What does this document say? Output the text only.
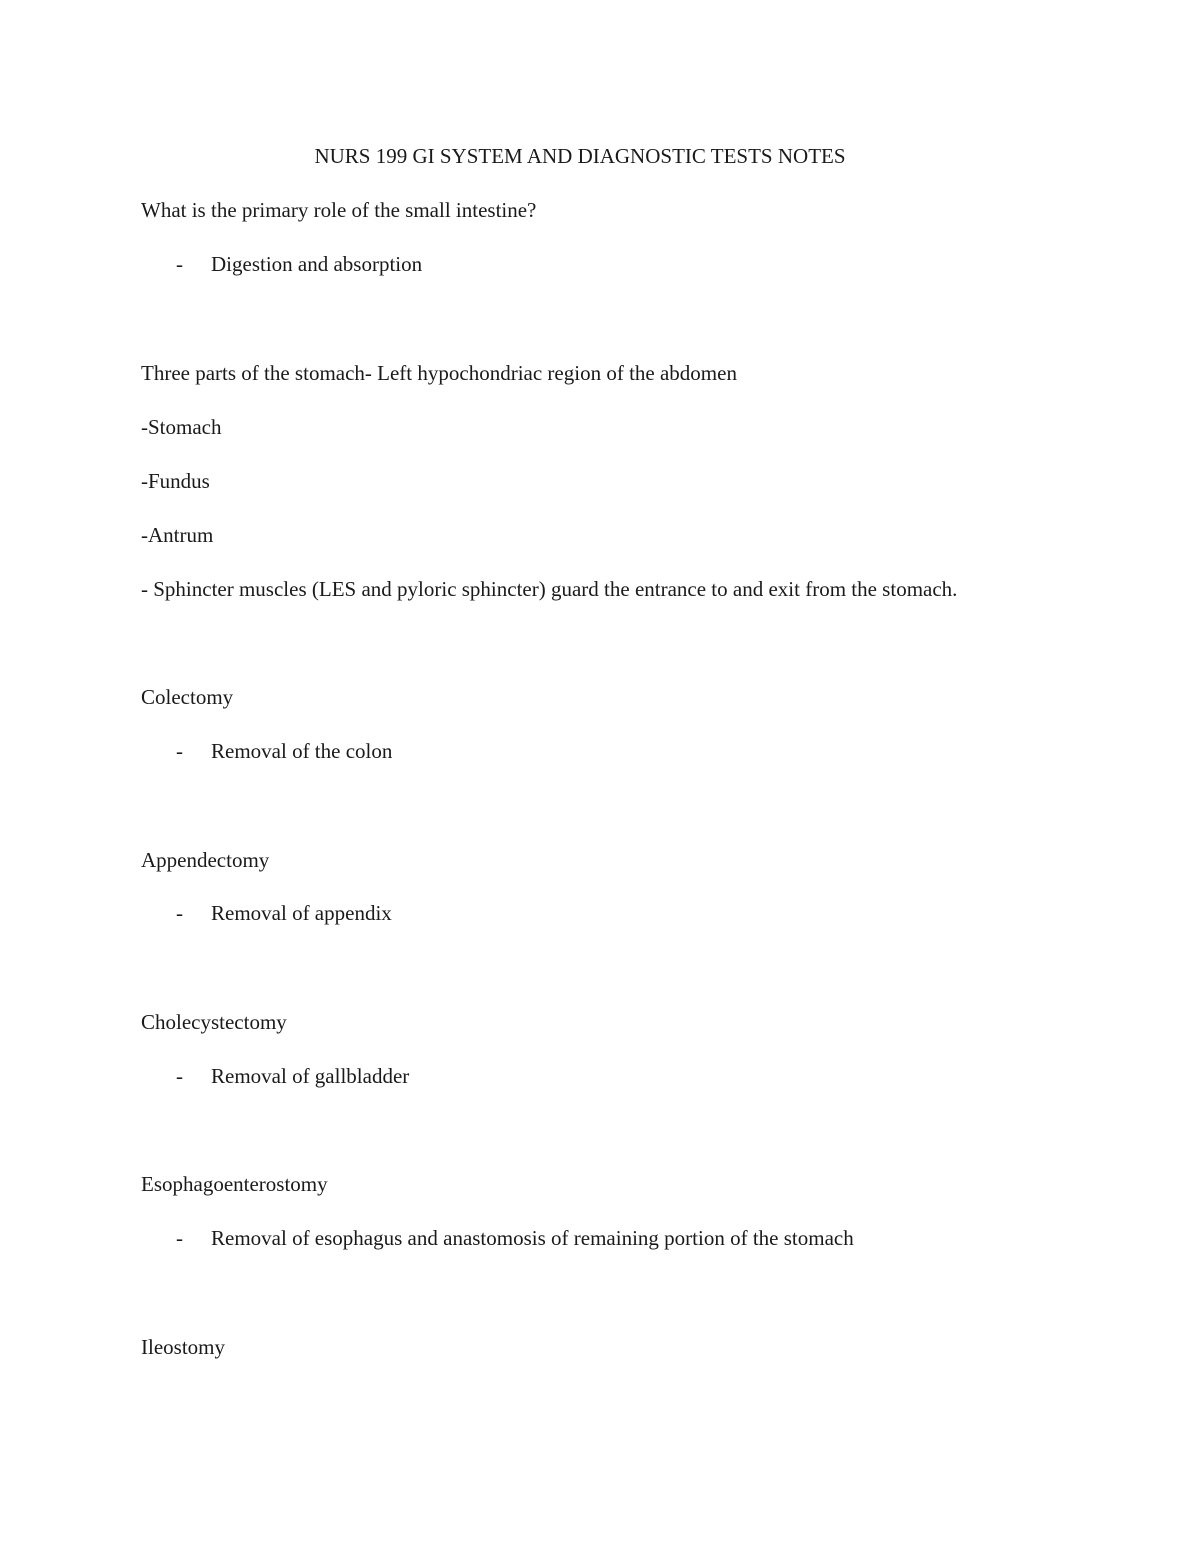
NURS 199 GI SYSTEM AND DIAGNOSTIC TESTS NOTES
What is the primary role of the small intestine?
- Digestion and absorption
Three parts of the stomach- Left hypochondriac region of the abdomen
-Stomach
-Fundus
-Antrum
- Sphincter muscles (LES and pyloric sphincter) guard the entrance to and exit from the stomach.
Colectomy
- Removal of the colon
Appendectomy
- Removal of appendix
Cholecystectomy
- Removal of gallbladder
Esophagoenterostomy
- Removal of esophagus and anastomosis of remaining portion of the stomach
Ileostomy
